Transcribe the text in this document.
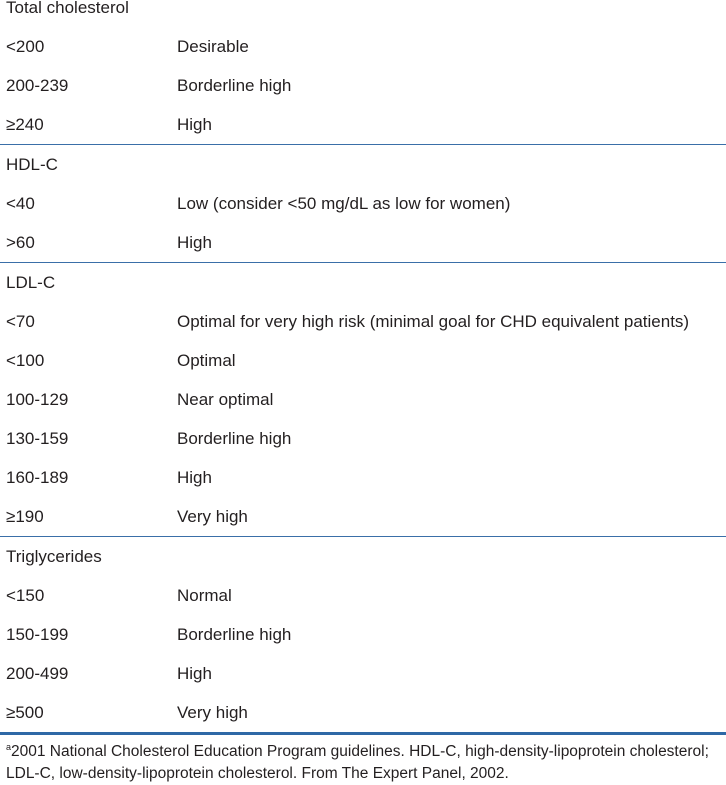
Total cholesterol
<200	Desirable
200-239	Borderline high
≥240	High
HDL-C
<40	Low (consider <50 mg/dL as low for women)
>60	High
LDL-C
<70	Optimal for very high risk (minimal goal for CHD equivalent patients)
<100	Optimal
100-129	Near optimal
130-159	Borderline high
160-189	High
≥190	Very high
Triglycerides
<150	Normal
150-199	Borderline high
200-499	High
≥500	Very high
$^a$2001 National Cholesterol Education Program guidelines. HDL-C, high-density-lipoprotein cholesterol; LDL-C, low-density-lipoprotein cholesterol. From The Expert Panel, 2002.
